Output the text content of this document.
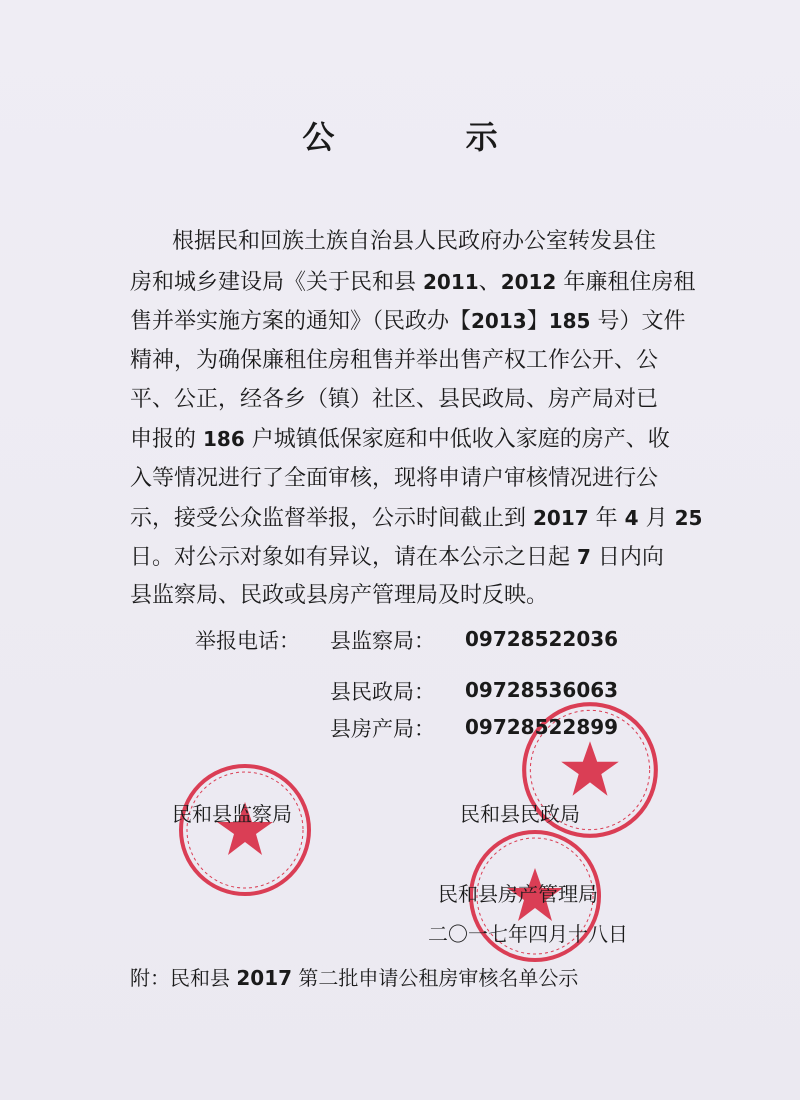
公 示
根据民和回族土族自治县人民政府办公室转发县住
房和城乡建设局《关于民和县 2011、2012 年廉租住房租
售并举实施方案的通知》（民政办【2013】185 号）文件
精神，为确保廉租住房租售并举出售产权工作公开、公
平、公正，经各乡（镇）社区、县民政局、房产局对已
申报的 186 户城镇低保家庭和中低收入家庭的房产、收
入等情况进行了全面审核，现将申请户审核情况进行公
示，接受公众监督举报，公示时间截止到 2017 年 4 月 25
日。对公示对象如有异议，请在本公示之日起 7 日内向
县监察局、民政或县房产管理局及时反映。
举报电话： 县监察局： 09728522036
县民政局： 09728536063
县房产局： 09728522899
民和县监察局	民和县民政局
民和县房产管理局
二〇一七年四月十八日
附：民和县 2017 第二批申请公租房审核名单公示
